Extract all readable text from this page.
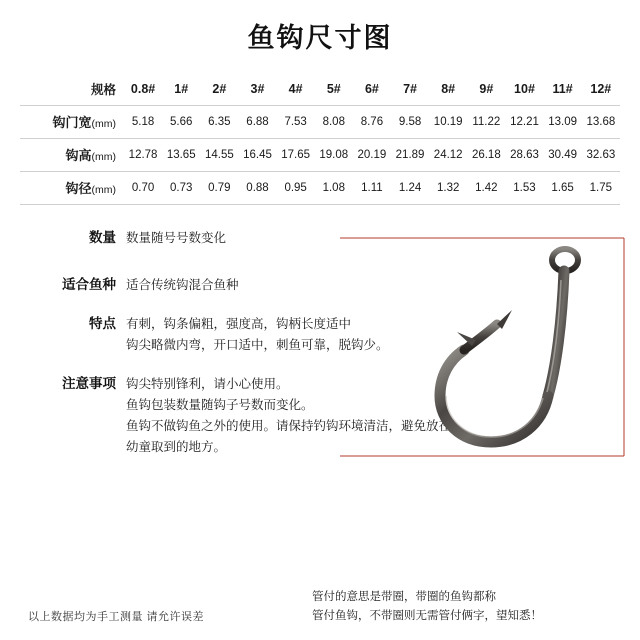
鱼钩尺寸图
规格	0.8#	1#	2#	3#	4#	5#	6#	7#	8#	9#	10#	11#	12#
钩门宽(mm)	5.18	5.66	6.35	6.88	7.53	8.08	8.76	9.58	10.19	11.22	12.21	13.09	13.68
钩高(mm)	12.78	13.65	14.55	16.45	17.65	19.08	20.19	21.89	24.12	26.18	28.63	30.49	32.63
钩径(mm)	0.70	0.73	0.79	0.88	0.95	1.08	1.11	1.24	1.32	1.42	1.53	1.65	1.75
数量 数量随号号数变化
适合鱼种 适合传统钩混合鱼种
特点 有刺，钩条偏粗，强度高，钩柄长度适中
钩尖略微内弯，开口适中，刺鱼可靠，脱钩少。
注意事项 钩尖特别锋利，请小心使用。
鱼钩包装数量随钩子号数而变化。
鱼钩不做钩鱼之外的使用。请保持钓钩环境清洁，避免放在
幼童取到的地方。
以上数据均为手工测量 请允许误差
管付的意思是带圈，带圈的鱼钩都称
管付鱼钩，不带圈则无需管付俩字，望知悉！
